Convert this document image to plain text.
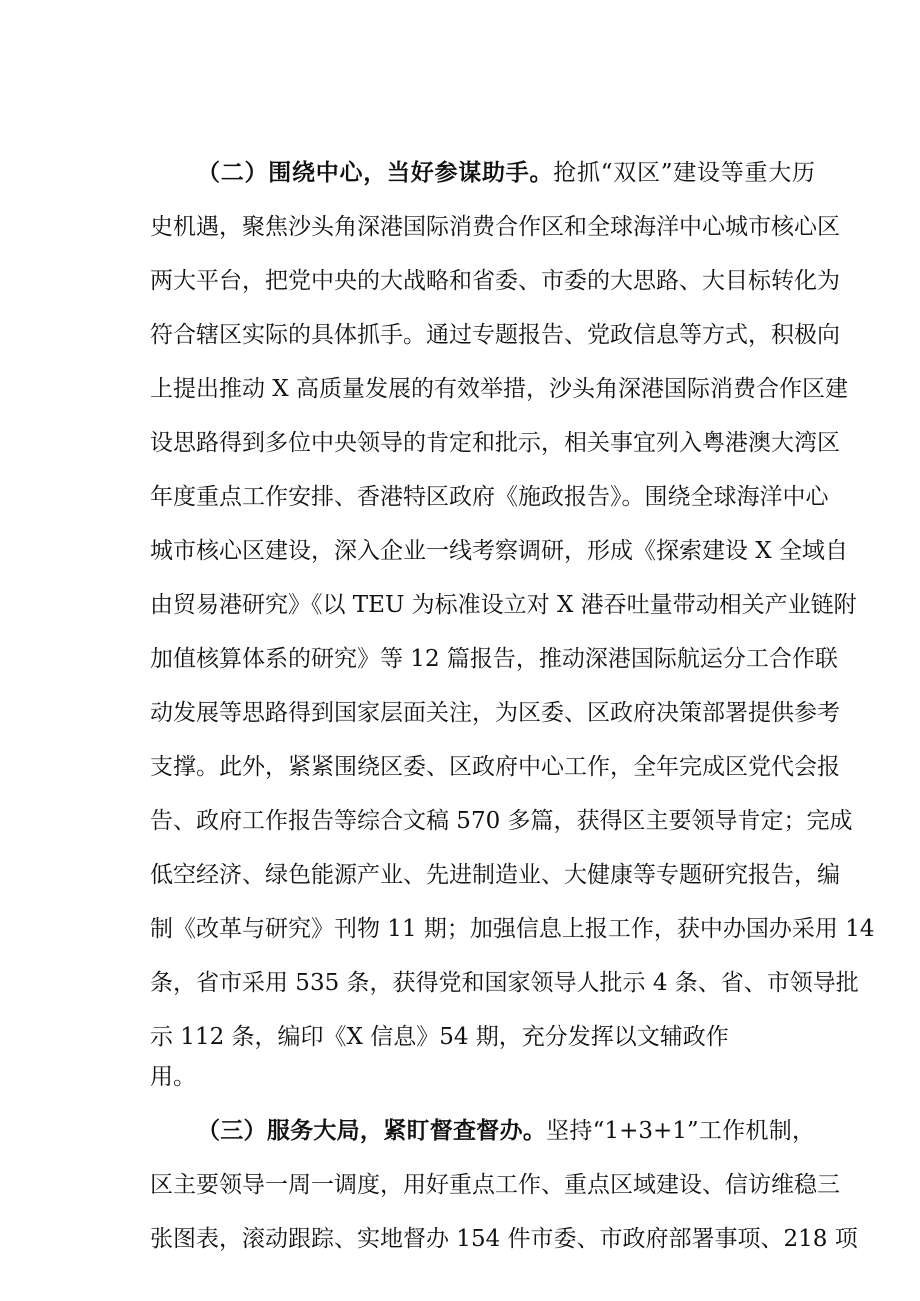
（二）围绕中心，当好参谋助手。抢抓“双区”建设等重大历
史机遇，聚焦沙头角深港国际消费合作区和全球海洋中心城市核心区
两大平台，把党中央的大战略和省委、市委的大思路、大目标转化为
符合辖区实际的具体抓手。通过专题报告、党政信息等方式，积极向
上提出推动 X 高质量发展的有效举措，沙头角深港国际消费合作区建
设思路得到多位中央领导的肯定和批示，相关事宜列入粤港澳大湾区
年度重点工作安排、香港特区政府《施政报告》。围绕全球海洋中心
城市核心区建设，深入企业一线考察调研，形成《探索建设 X 全域自
由贸易港研究》《以 TEU 为标准设立对 X 港吞吐量带动相关产业链附
加值核算体系的研究》等 12 篇报告，推动深港国际航运分工合作联
动发展等思路得到国家层面关注，为区委、区政府决策部署提供参考
支撑。此外，紧紧围绕区委、区政府中心工作，全年完成区党代会报
告、政府工作报告等综合文稿 570 多篇，获得区主要领导肯定；完成
低空经济、绿色能源产业、先进制造业、大健康等专题研究报告，编
制《改革与研究》刊物 11 期；加强信息上报工作，获中办国办采用 14
条，省市采用 535 条，获得党和国家领导人批示 4 条、省、市领导批
示 112 条，编印《X 信息》54 期，充分发挥以文辅政作
用。
（三）服务大局，紧盯督查督办。坚持“1+3+1”工作机制，
区主要领导一周一调度，用好重点工作、重点区域建设、信访维稳三
张图表，滚动跟踪、实地督办 154 件市委、市政府部署事项、218 项
